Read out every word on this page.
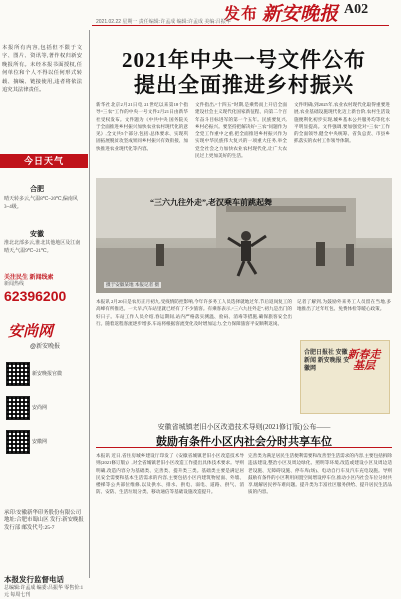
发布 新安晚报 A02
2021.02.22 星期一 责任编辑:许孟成 编辑:许孟成 美编:吕振华
本报所有内容,包括但不限于文字、图片、资讯等,著作权归新安晚报所有。未经本报书面授权,任何单位和个人不得以任何形式转载、摘编、链接使用,违者将依法追究其法律责任。
今日天气
合肥
晴天转多云,气温8℃~20℃,偏南风3~4级。
安徽
淮北北部多云,淮北其他地区及江南晴天,气温9℃~21℃。
关注民生 新闻线索
新闻热线
62396200
安尚网
@新安晚报
新安晚报官微
安尚网
安徽网
承印:安徽新华印务股份有限公司 地址:合肥市蜀山区 发行:新安晚报发行部 邮发代号:25-7
本报发行监督电话
总编辑:许孟成 编委:吕振华 零售价:1元 每周七刊
2021年中央一号文件公布
提出全面推进乡村振兴
新华社北京2月21日电 21世纪以来第18个指导“三农”工作的中央一号文件2月21日由新华社受权发布。文件题为《中共中央 国务院关于全面推进乡村振兴加快农业农村现代化的意见》,全文共5个部分,包括:总体要求、实现巩固拓展脱贫攻坚成果同乡村振兴有效衔接、加快推进农业现代化等内容。
文件指出,“十四五”时期,是乘势而上开启全面建设社会主义现代化国家新征程、向第二个百年奋斗目标进军的第一个五年。民族要复兴,乡村必振兴。要坚持把解决好“三农”问题作为全党工作重中之重,把全面推进乡村振兴作为实现中华民族伟大复兴的一项重大任务,举全党全社会之力加快农业农村现代化,让广大农民过上更加美好的生活。
文件明确,到2025年,农业农村现代化取得重要进展,农业基础设施现代化迈上新台阶,农村生活设施便利化初步实现,城乡基本公共服务均等化水平明显提高。文件强调,要加强党对“三农”工作的全面领导,健全中央统筹、省负总责、市县乡抓落实的农村工作领导体制。
“三六九往外走”,老汉乘车前跳起舞
摄于安徽某地 本报记者 摄
本报讯 2月20日是农历正月初九,受疫情防控影响,今年许多务工人员选择就地过年,节后返岗复工的高峰有所推迟。一大早,汽车站里就已经有了不少旅客。有乘客表示,“三六九往外走”,初九是出门的好日子。车站工作人员介绍,春运期间,站内严格落实测温、验码、消毒等措施,确保旅客安全出行。随着返程客流逐步增多,车站将根据客流变化及时增加运力,全力保障旅客平安顺利返岗。
记者了解到,为鼓励外来务工人员留在当地,多地推出了过年红包、免费体检等暖心政策。
合肥日报社 安徽新闻 新安晚报 安徽网
新春走基层
安徽省城镇老旧小区改造技术导则(2021修订版)公布——
鼓励有条件小区内社会分时共享车位
本报讯 近日,省住房城乡建设厅印发了《安徽省城镇老旧小区改造技术导则(2021修订版)》,对全省城镇老旧小区改造工作提出具体技术要求。导则明确,改造内容分为基础类、完善类、提升类三类。基础类主要是满足居民安全需要和基本生活需求的内容,主要包括小区内建筑物屋面、外墙、楼梯等公共部位维修,以及供水、排水、供电、弱电、道路、供气、消防、安防、生活垃圾分类、移动通信等基础设施改造提升。
完善类为满足居民生活便利需要和改善型生活需求的内容,主要包括拆除违法建设,整治小区及周边绿化、照明等环境,改造或建设小区及周边适老设施、无障碍设施、停车库(场)、电动自行车及汽车充电设施。导则鼓励有条件的小区利用闲置空间增设停车位,推动小区内社会车位分时共享,缓解居民停车难问题。提升类为丰富社区服务供给、提升居民生活品质的内容。
